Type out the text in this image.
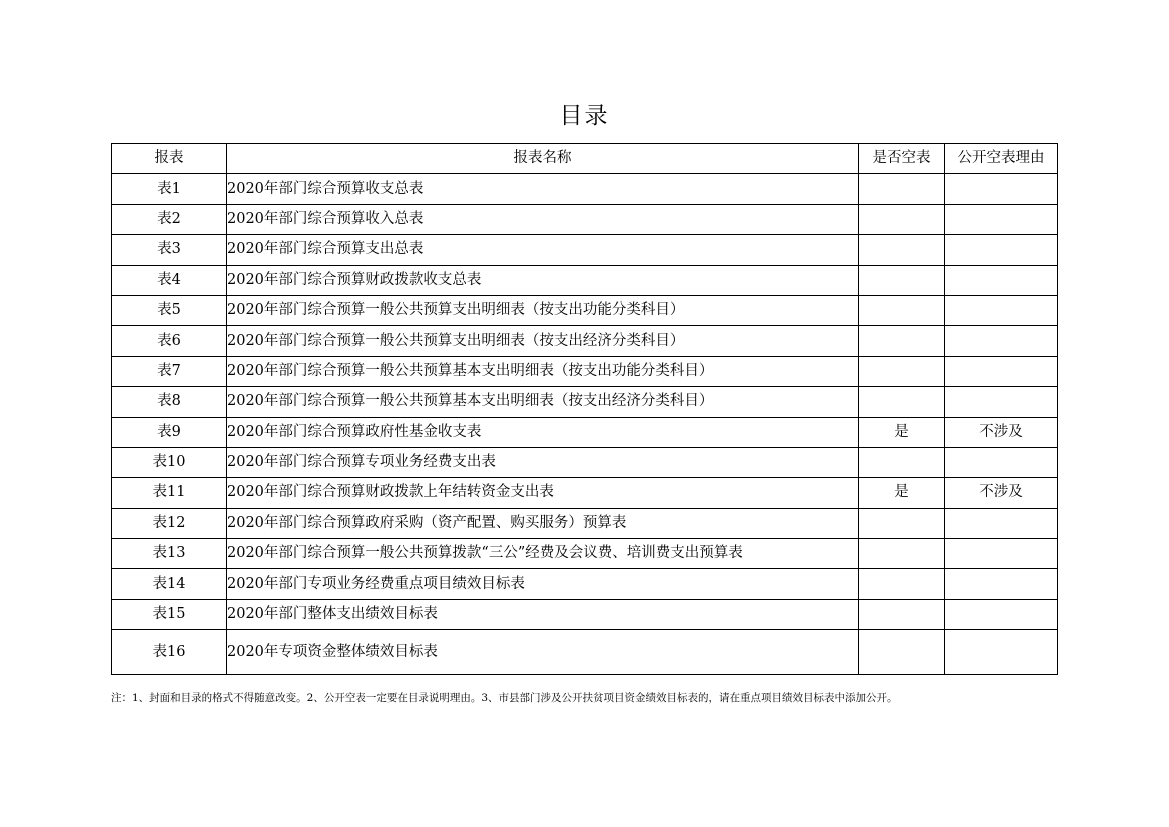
目录
报表	报表名称	是否空表	公开空表理由
表1	2020年部门综合预算收支总表		
表2	2020年部门综合预算收入总表		
表3	2020年部门综合预算支出总表		
表4	2020年部门综合预算财政拨款收支总表		
表5	2020年部门综合预算一般公共预算支出明细表（按支出功能分类科目）		
表6	2020年部门综合预算一般公共预算支出明细表（按支出经济分类科目）		
表7	2020年部门综合预算一般公共预算基本支出明细表（按支出功能分类科目）		
表8	2020年部门综合预算一般公共预算基本支出明细表（按支出经济分类科目）		
表9	2020年部门综合预算政府性基金收支表	是	不涉及
表10	2020年部门综合预算专项业务经费支出表		
表11	2020年部门综合预算财政拨款上年结转资金支出表	是	不涉及
表12	2020年部门综合预算政府采购（资产配置、购买服务）预算表		
表13	2020年部门综合预算一般公共预算拨款“三公”经费及会议费、培训费支出预算表		
表14	2020年部门专项业务经费重点项目绩效目标表		
表15	2020年部门整体支出绩效目标表		
表16	2020年专项资金整体绩效目标表		
注：1、封面和目录的格式不得随意改变。2、公开空表一定要在目录说明理由。3、市县部门涉及公开扶贫项目资金绩效目标表的，请在重点项目绩效目标表中添加公开。
